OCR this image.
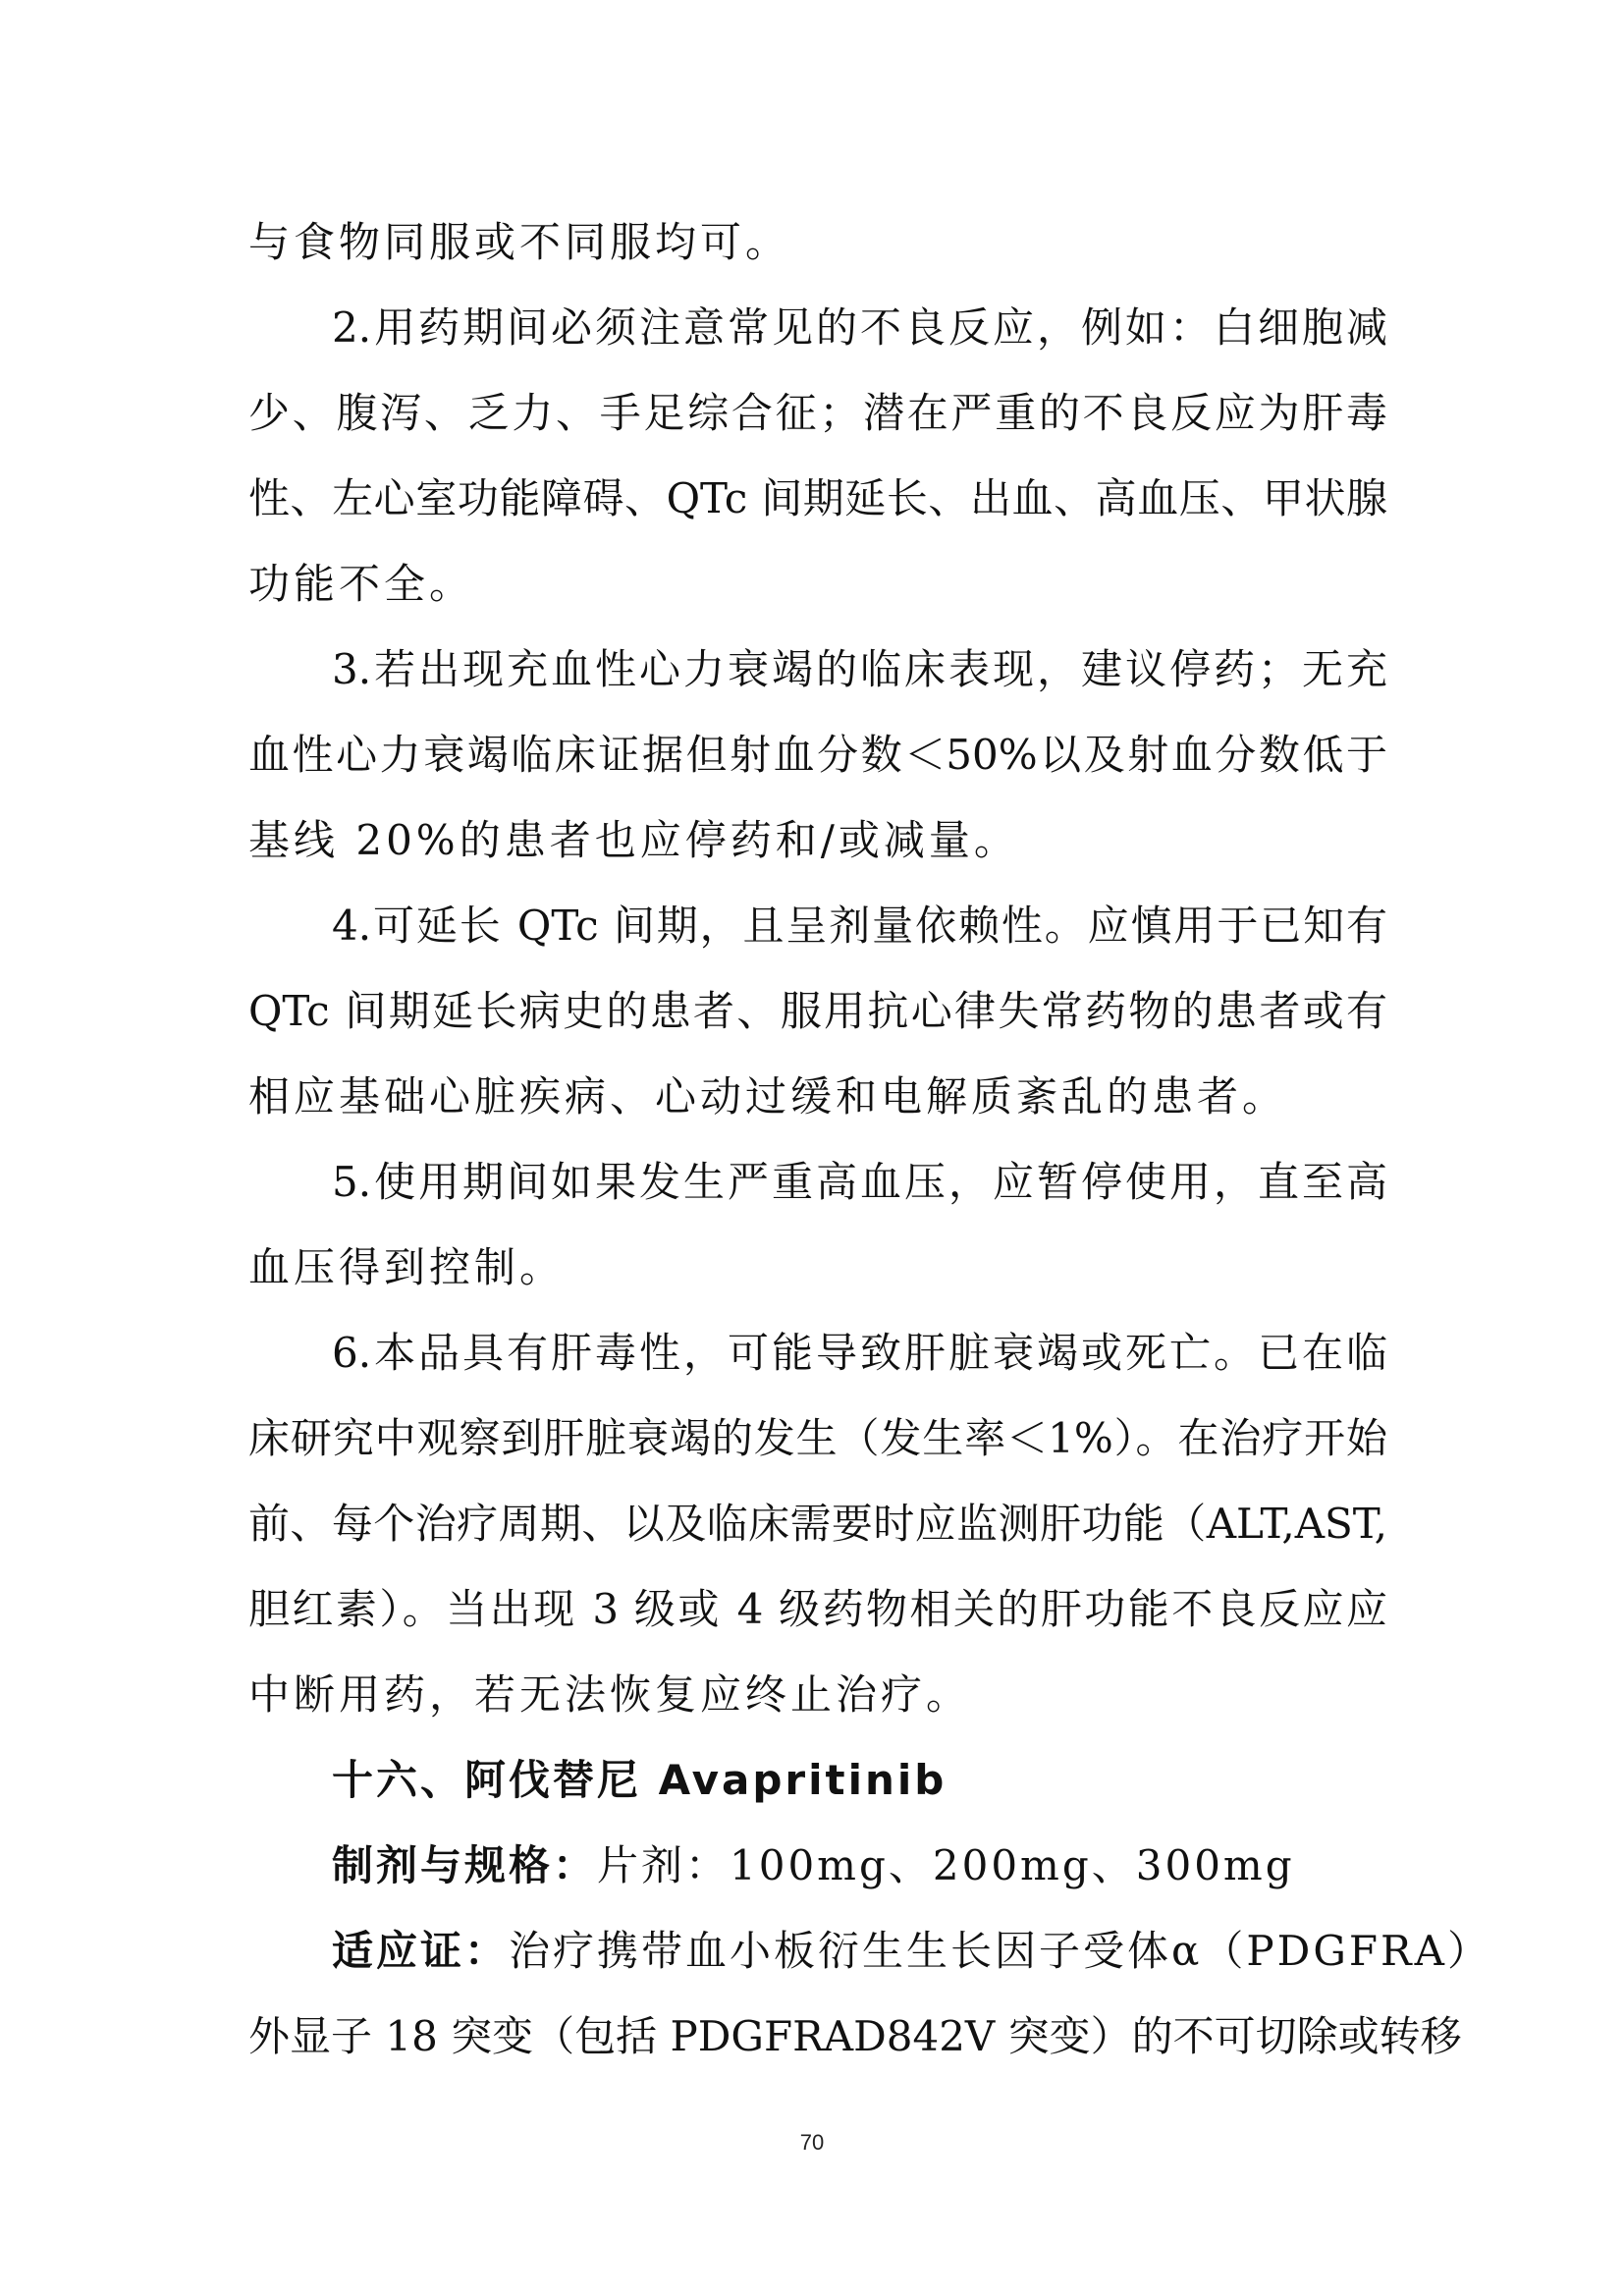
与食物同服或不同服均可。
2.用药期间必须注意常见的不良反应，例如：白细胞减
少、腹泻、乏力、手足综合征；潜在严重的不良反应为肝毒
性、左心室功能障碍、QTc 间期延长、出血、高血压、甲状腺
功能不全。
3.若出现充血性心力衰竭的临床表现，建议停药；无充
血性心力衰竭临床证据但射血分数＜50%以及射血分数低于
基线 20%的患者也应停药和/或减量。
4.可延长 QTc 间期，且呈剂量依赖性。应慎用于已知有
QTc 间期延长病史的患者、服用抗心律失常药物的患者或有
相应基础心脏疾病、心动过缓和电解质紊乱的患者。
5.使用期间如果发生严重高血压，应暂停使用，直至高
血压得到控制。
6.本品具有肝毒性，可能导致肝脏衰竭或死亡。已在临
床研究中观察到肝脏衰竭的发生（发生率＜1%）。在治疗开始
前、每个治疗周期、以及临床需要时应监测肝功能（ALT,AST,
胆红素）。当出现 3 级或 4 级药物相关的肝功能不良反应应
中断用药，若无法恢复应终止治疗。
十六、阿伐替尼 Avapritinib
制剂与规格：片剂：100mg、200mg、300mg
适应证：治疗携带血小板衍生生长因子受体α（PDGFRA）
外显子 18 突变（包括 PDGFRAD842V 突变）的不可切除或转移
70
